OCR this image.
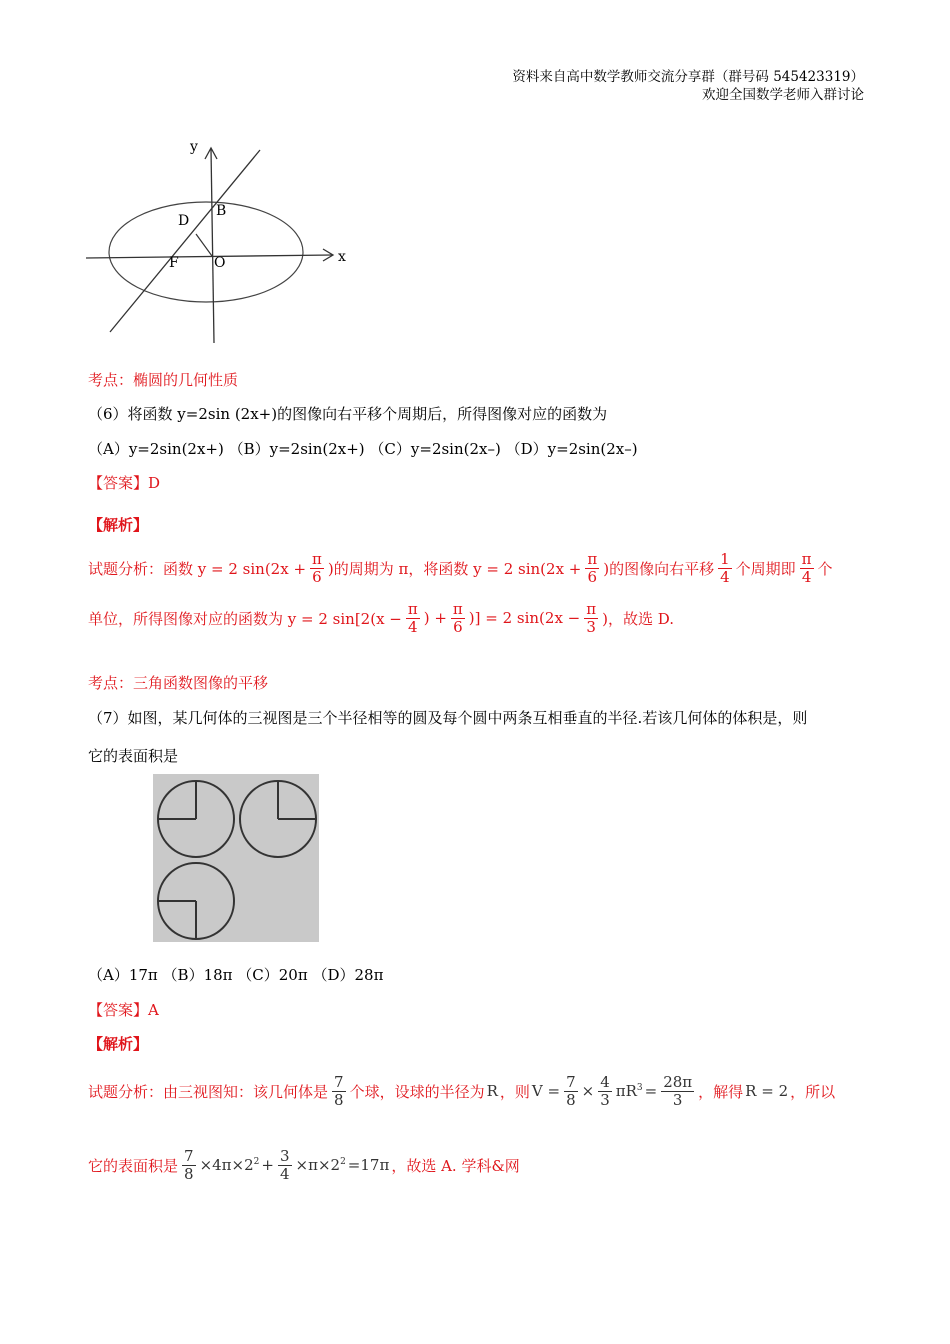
资料来自高中数学教师交流分享群（群号码 545423319）
欢迎全国数学老师入群讨论
y
x
B
D
F	O
考点：椭圆的几何性质
（6）将函数 y=2sin (2x+)的图像向右平移个周期后，所得图像对应的函数为
（A）y=2sin(2x+) （B）y=2sin(2x+) （C）y=2sin(2x–) （D）y=2sin(2x–)
【答案】D
【解析】
试题分析：函数 y = 2 $\sin(2x + \frac{\pi}{6}$ )的周期为 π，将函数 y = 2 $\sin(2x + \frac{\pi}{6}$ )的图像向右平移 $\frac{1}{4}$ 个周期即 $\frac{\pi}{4}$ 个
单位，所得图像对应的函数为 y = 2 $\sin[2(x - \frac{\pi}{4}$ ) + $\frac{\pi}{6}$ )] = 2 $\sin(2x - \frac{\pi}{3}$ )，故选 D.
考点：三角函数图像的平移
（7）如图，某几何体的三视图是三个半径相等的圆及每个圆中两条互相垂直的半径.若该几何体的体积是，则
它的表面积是
（A）17π （B）18π （C）20π （D）28π
【答案】A
【解析】
试题分析：由三视图知：该几何体是 $\frac{7}{8}$ 个球，设球的半径为 R ，则 $V = \frac{7}{8} \times \frac{4}{3} \pi R^3 = \frac{28\pi}{3}$ ，解得 R = 2 ，所以
它的表面积是 $\frac{7}{8} \times 4\pi\times 2^2 + \frac{3}{4} \times\pi\times 2^2 =17\pi$ ，故选 A. 学科&网
